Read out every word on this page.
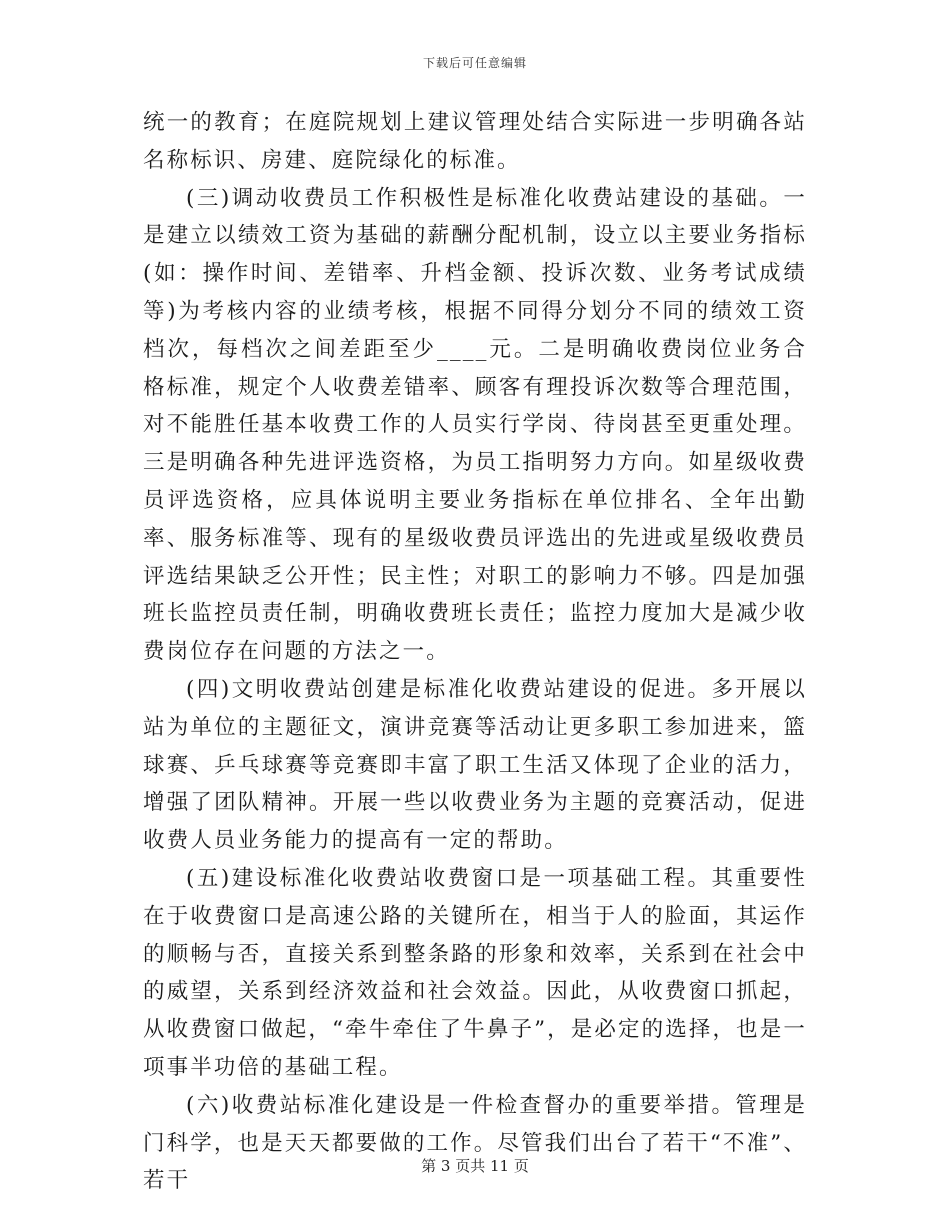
下载后可任意编辑

统一的教育；在庭院规划上建议管理处结合实际进一步明确各站名称标识、房建、庭院绿化的标准。

(三)调动收费员工作积极性是标准化收费站建设的基础。一是建立以绩效工资为基础的薪酬分配机制，设立以主要业务指标(如：操作时间、差错率、升档金额、投诉次数、业务考试成绩等)为考核内容的业绩考核，根据不同得分划分不同的绩效工资档次，每档次之间差距至少____元。二是明确收费岗位业务合格标准，规定个人收费差错率、顾客有理投诉次数等合理范围，对不能胜任基本收费工作的人员实行学岗、待岗甚至更重处理。三是明确各种先进评选资格，为员工指明努力方向。如星级收费员评选资格，应具体说明主要业务指标在单位排名、全年出勤率、服务标准等、现有的星级收费员评选出的先进或星级收费员评选结果缺乏公开性；民主性；对职工的影响力不够。四是加强班长监控员责任制，明确收费班长责任；监控力度加大是减少收费岗位存在问题的方法之一。

(四)文明收费站创建是标准化收费站建设的促进。多开展以站为单位的主题征文，演讲竞赛等活动让更多职工参加进来，篮球赛、乒乓球赛等竞赛即丰富了职工生活又体现了企业的活力，增强了团队精神。开展一些以收费业务为主题的竞赛活动，促进收费人员业务能力的提高有一定的帮助。

(五)建设标准化收费站收费窗口是一项基础工程。其重要性在于收费窗口是高速公路的关键所在，相当于人的脸面，其运作的顺畅与否，直接关系到整条路的形象和效率，关系到在社会中的威望，关系到经济效益和社会效益。因此，从收费窗口抓起，从收费窗口做起，“牵牛牵住了牛鼻子”，是必定的选择，也是一项事半功倍的基础工程。

(六)收费站标准化建设是一件检查督办的重要举措。管理是门科学，也是天天都要做的工作。尽管我们出台了若干“不准”、若干

第 3 页共 11 页
